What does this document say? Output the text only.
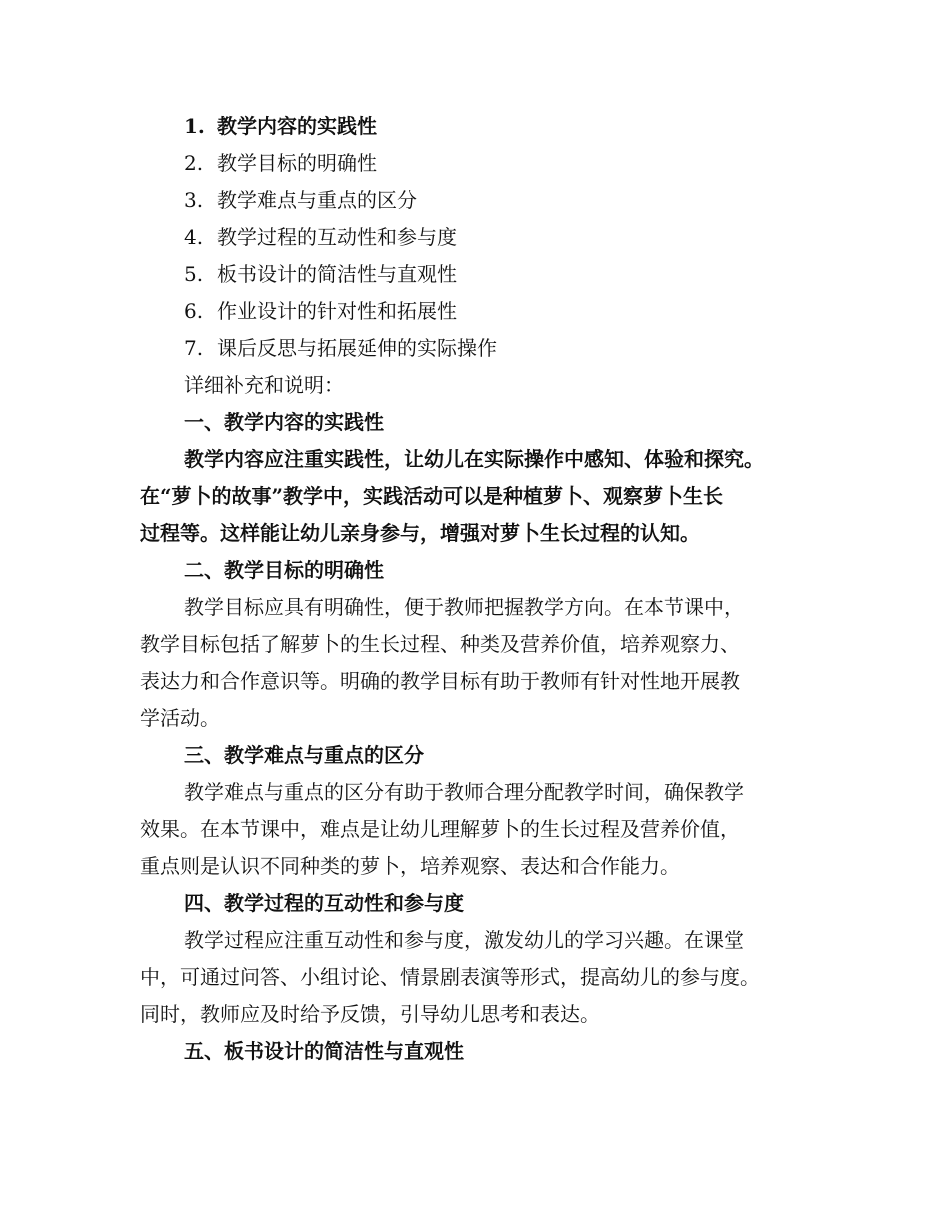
1. 教学内容的实践性
2. 教学目标的明确性
3. 教学难点与重点的区分
4. 教学过程的互动性和参与度
5. 板书设计的简洁性与直观性
6. 作业设计的针对性和拓展性
7. 课后反思与拓展延伸的实际操作
详细补充和说明：
一、教学内容的实践性
教学内容应注重实践性，让幼儿在实际操作中感知、体验和探究。
在“萝卜的故事”教学中，实践活动可以是种植萝卜、观察萝卜生长
过程等。这样能让幼儿亲身参与，增强对萝卜生长过程的认知。
二、教学目标的明确性
教学目标应具有明确性，便于教师把握教学方向。在本节课中，
教学目标包括了解萝卜的生长过程、种类及营养价值，培养观察力、
表达力和合作意识等。明确的教学目标有助于教师有针对性地开展教
学活动。
三、教学难点与重点的区分
教学难点与重点的区分有助于教师合理分配教学时间，确保教学
效果。在本节课中，难点是让幼儿理解萝卜的生长过程及营养价值，
重点则是认识不同种类的萝卜，培养观察、表达和合作能力。
四、教学过程的互动性和参与度
教学过程应注重互动性和参与度，激发幼儿的学习兴趣。在课堂
中，可通过问答、小组讨论、情景剧表演等形式，提高幼儿的参与度。
同时，教师应及时给予反馈，引导幼儿思考和表达。
五、板书设计的简洁性与直观性
